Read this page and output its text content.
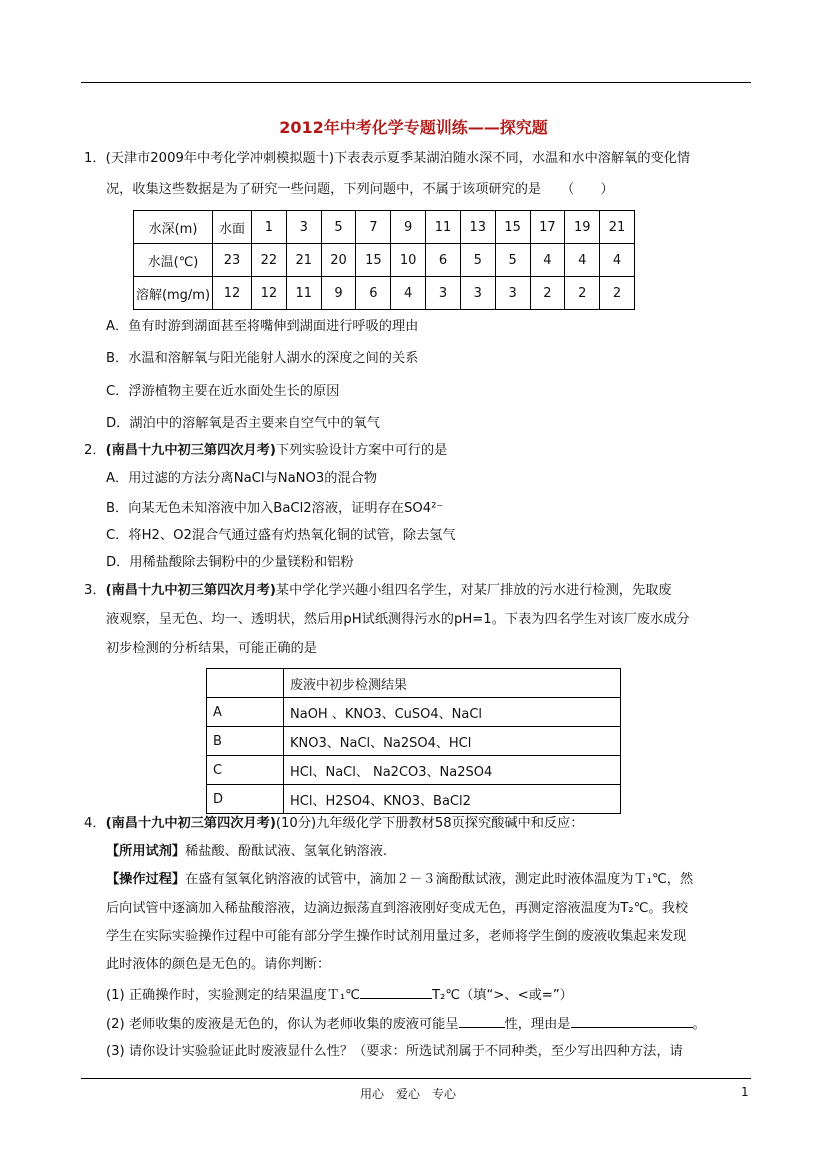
2012年中考化学专题训练——探究题
1．(天津市2009年中考化学冲刺模拟题十)下表表示夏季某湖泊随水深不同，水温和水中溶解氧的变化情
况，收集这些数据是为了研究一些问题，下列问题中，不属于该项研究的是　　（　　）
水深(m)	水面	1	3	5	7	9	11	13	15	17	19	21
水温(℃)	23	22	21	20	15	10	6	5	5	4	4	4
溶解(mg/m)	12	12	11	9	6	4	3	3	3	2	2	2
A．鱼有时游到湖面甚至将嘴伸到湖面进行呼吸的理由
B．水温和溶解氧与阳光能射人湖水的深度之间的关系
C．浮游植物主要在近水面处生长的原因
D．湖泊中的溶解氧是否主要来自空气中的氧气
2．(南昌十九中初三第四次月考)下列实验设计方案中可行的是
A．用过滤的方法分离NaCl与NaNO3的混合物
B．向某无色未知溶液中加入BaCl2溶液，证明存在SO4²⁻
C．将H2、O2混合气通过盛有灼热氧化铜的试管，除去氢气
D．用稀盐酸除去铜粉中的少量镁粉和铝粉
3．(南昌十九中初三第四次月考)某中学化学兴趣小组四名学生，对某厂排放的污水进行检测，先取废
液观察，呈无色、均一、透明状，然后用pH试纸测得污水的pH=1。下表为四名学生对该厂废水成分
初步检测的分析结果，可能正确的是
	废液中初步检测结果
A	NaOH 、KNO3、CuSO4、NaCl
B	KNO3、NaCl、Na2SO4、HCl
C	HCl、NaCl、 Na2CO3、Na2SO4
D	HCl、H2SO4、KNO3、BaCl2
4．(南昌十九中初三第四次月考)(10分)九年级化学下册教材58页探究酸碱中和反应：
【所用试剂】稀盐酸、酚酞试液、氢氧化钠溶液.
【操作过程】在盛有氢氧化钠溶液的试管中，滴加２－３滴酚酞试液，测定此时液体温度为Ｔ₁℃，然
后向试管中逐滴加入稀盐酸溶液，边滴边振荡直到溶液刚好变成无色，再测定溶液温度为T₂℃。我校
学生在实际实验操作过程中可能有部分学生操作时试剂用量过多，老师将学生倒的废液收集起来发现
此时液体的颜色是无色的。请你判断：
(1) 正确操作时，实验测定的结果温度Ｔ₁℃	T₂℃（填“>、<或=”）
(2) 老师收集的废液是无色的，你认为老师收集的废液可能呈	性，理由是	。
(3) 请你设计实验验证此时废液显什么性？（要求：所选试剂属于不同种类，至少写出四种方法，请
用心　爱心　专心	1
